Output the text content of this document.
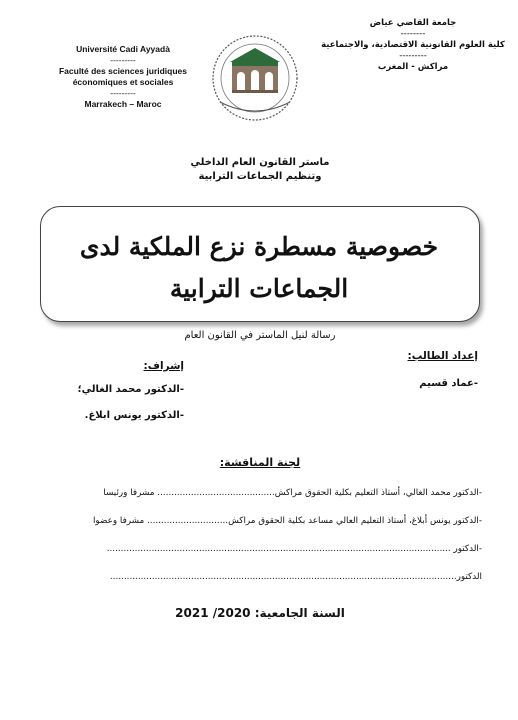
Université Cadi Ayyadà
---------
Faculté des sciences juridiques économiques et sociales
---------
Marrakech – Maroc
جامعة القاضي عياض
--------
كلية العلوم القانونية الاقتصادية، والاجتماعية
---------
مراكش - المغرب
ماستر القانون العام الداخلي
وتنظيم الجماعات الترابية
خصوصية مسطرة نزع الملكية لدى
الجماعات الترابية
رسالة لنيل الماستر في القانون العام
إعداد الطالب:
-عماد قسيم
إشراف:
-الدكتور محمد الغالي؛
-الدكتور يونس ابلاغ.
لجنة المناقشة:
-الدكتور محمد الغالي، أستاذ التعليم بكلية الحقوق مراكش.......................................... مشرفا ورئيسا
-الدكتور يونس أبلاغ، أستاذ التعليم العالي مساعد بكلية الحقوق مراكش............................. مشرفا وعضوا
-الدكتور ...........................................................................................................................
الدكتور............................................................................................................................
السنة الجامعية: 2020/ 2021
